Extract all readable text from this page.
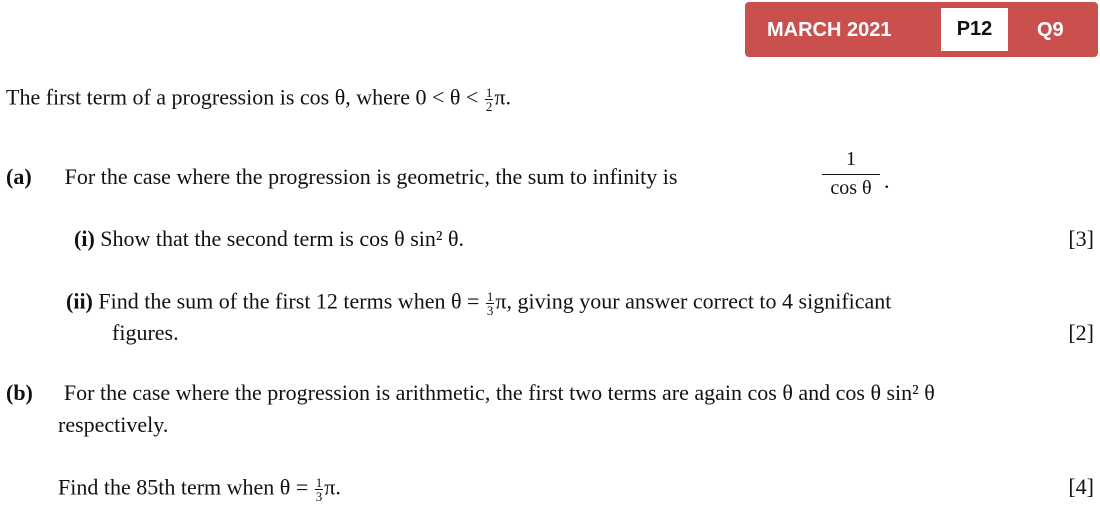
MARCH 2021	P12	Q9
The first term of a progression is cos θ, where $0 < \theta < \frac{1}{2} \pi$.
(a) For the case where the progression is geometric, the sum to infinity is	$\frac{1}{\text{cos θ}}$ .
(i) Show that the second term is cos θ sin² θ.	[3]
(ii) Find the sum of the first 12 terms when $\theta = \frac{1}{3} \pi$, giving your answer correct to 4 significant
figures.	[2]
(b) For the case where the progression is arithmetic, the first two terms are again cos θ and cos θ sin² θ
respectively.
Find the 85th term when $\theta = \frac{1}{3} \pi$.	[4]
